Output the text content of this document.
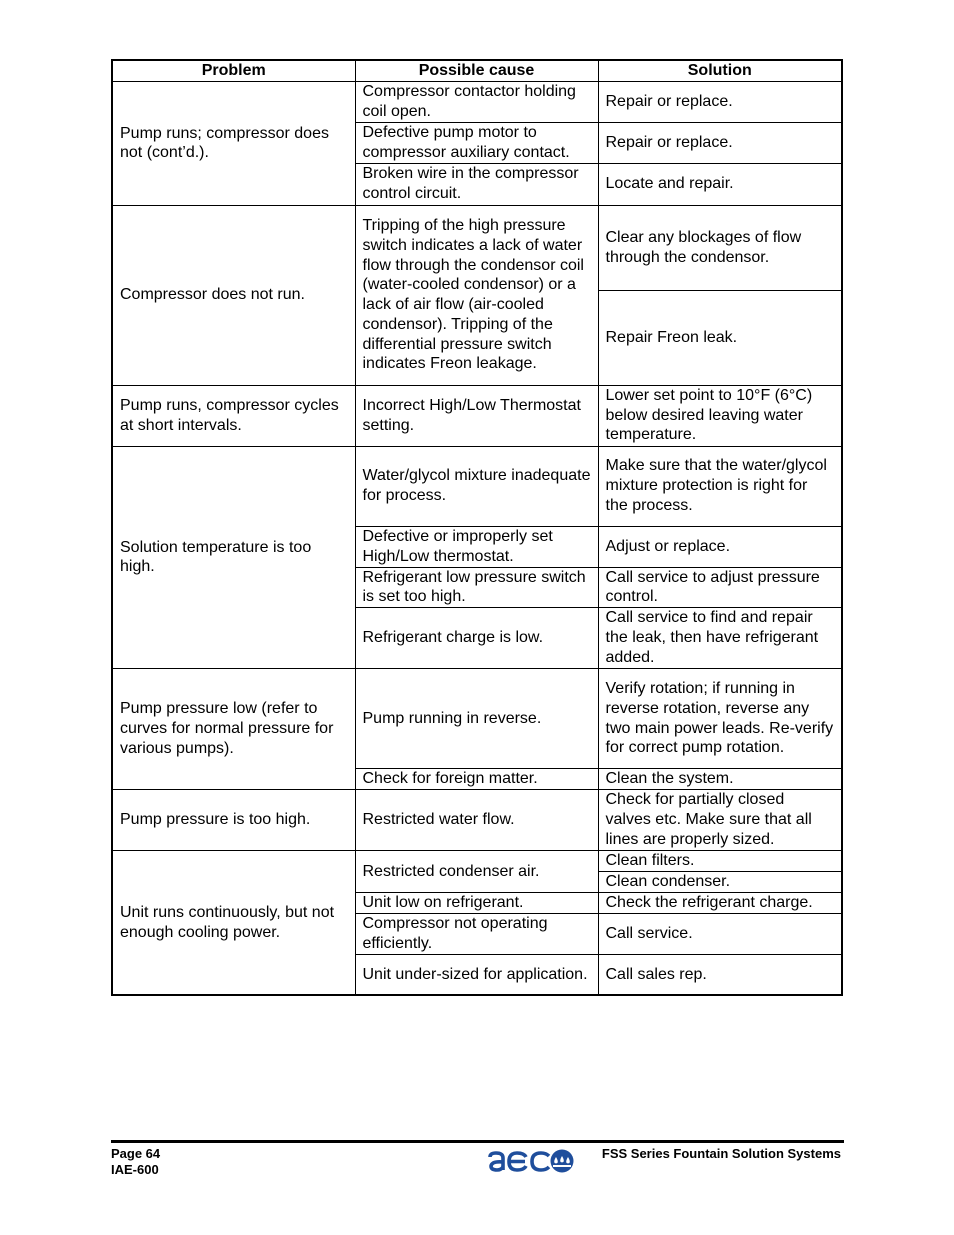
Problem	Possible cause	Solution
Pump runs; compressor does not (cont’d.).	Compressor contactor holding coil open.	Repair or replace.
	Defective pump motor to compressor auxiliary contact.	Repair or replace.
	Broken wire in the compressor control circuit.	Locate and repair.
Compressor does not run.	Tripping of the high pressure switch indicates a lack of water flow through the condensor coil (water-cooled condensor) or a lack of air flow (air-cooled condensor). Tripping of the differential pressure switch indicates Freon leakage.	Clear any blockages of flow through the condensor.
		Repair Freon leak.
Pump runs, compressor cycles at short intervals.	Incorrect High/Low Thermostat setting.	Lower set point to 10°F (6°C) below desired leaving water temperature.
Solution temperature is too high.	Water/glycol mixture inadequate for process.	Make sure that the water/glycol mixture protection is right for the process.
	Defective or improperly set High/Low thermostat.	Adjust or replace.
	Refrigerant low pressure switch is set too high.	Call service to adjust pressure control.
	Refrigerant charge is low.	Call service to find and repair the leak, then have refrigerant added.
Pump pressure low (refer to curves for normal pressure for various pumps).	Pump running in reverse.	Verify rotation; if running in reverse rotation, reverse any two main power leads. Re-verify for correct pump rotation.
	Check for foreign matter.	Clean the system.
Pump pressure is too high.	Restricted water flow.	Check for partially closed valves etc. Make sure that all lines are properly sized.
Unit runs continuously, but not enough cooling power.	Restricted condenser air.	Clean filters.
		Clean condenser.
	Unit low on refrigerant.	Check the refrigerant charge.
	Compressor not operating efficiently.	Call service.
	Unit under-sized for application.	Call sales rep.
Page 64
IAE-600
aec	FSS Series Fountain Solution Systems
